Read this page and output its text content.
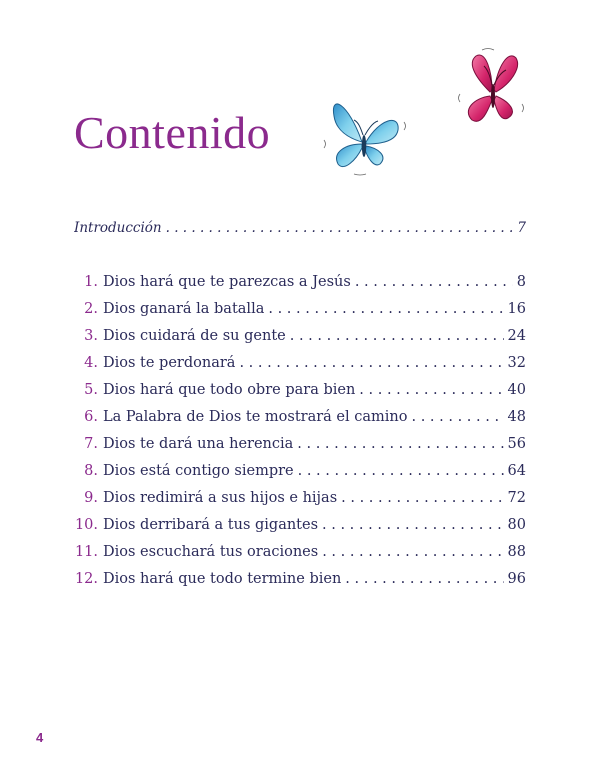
Contenido
Introducción . . .	7
1. Dios hará que te parezcas a Jesús . . .	8
2. Dios ganará la batalla . . .	16
3. Dios cuidará de su gente . . .	24
4. Dios te perdonará . . .	32
5. Dios hará que todo obre para bien . . .	40
6. La Palabra de Dios te mostrará el camino . . .	48
7. Dios te dará una herencia . . .	56
8. Dios está contigo siempre . . .	64
9. Dios redimirá a sus hijos e hijas . . .	72
10. Dios derribará a tus gigantes . . .	80
11. Dios escuchará tus oraciones . . .	88
12. Dios hará que todo termine bien . . .	96
4
